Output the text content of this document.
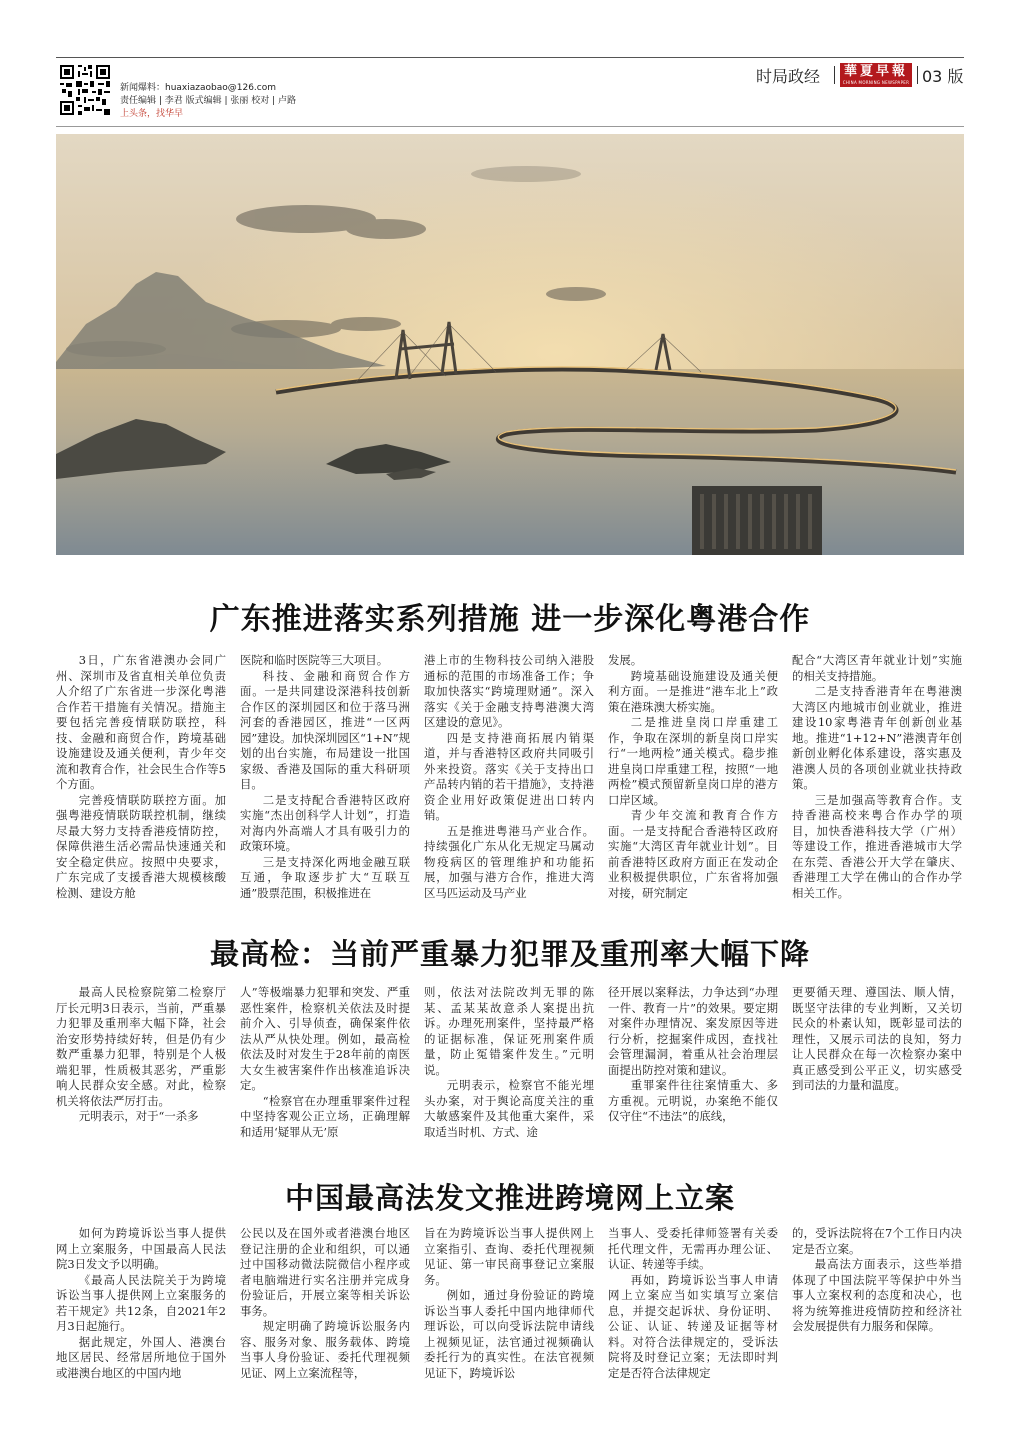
新闻爆料：huaxiazaobao@126.com
责任编辑 | 李君 版式编辑 | 张丽 校对 | 卢路
上头条，找华早
时局政经	華夏早報
CHINA MORNING NEWSPAPER 03 版
广东推进落实系列措施 进一步深化粤港合作

3日，广东省港澳办会同广州、深圳市及省直相关单位负责人介绍了广东省进一步深化粤港合作若干措施有关情况。措施主要包括完善疫情联防联控，科技、金融和商贸合作，跨境基础设施建设及通关便利，青少年交流和教育合作，社会民生合作等5个方面。

完善疫情联防联控方面。加强粤港疫情联防联控机制，继续尽最大努力支持香港疫情防控，保障供港生活必需品快速通关和安全稳定供应。按照中央要求，广东完成了支援香港大规模核酸检测、建设方舱

医院和临时医院等三大项目。

科技、金融和商贸合作方面。一是共同建设深港科技创新合作区的深圳园区和位于落马洲河套的香港园区，推进“一区两园”建设。加快深圳园区“1+N”规划的出台实施，布局建设一批国家级、香港及国际的重大科研项目。

二是支持配合香港特区政府实施“杰出创科学人计划”，打造对海内外高端人才具有吸引力的政策环境。

三是支持深化两地金融互联互通，争取逐步扩大“互联互通”股票范围，积极推进在

港上市的生物科技公司纳入港股通标的范围的市场准备工作；争取加快落实“跨境理财通”。深入落实《关于金融支持粤港澳大湾区建设的意见》。

四是支持港商拓展内销渠道，并与香港特区政府共同吸引外来投资。落实《关于支持出口产品转内销的若干措施》，支持港资企业用好政策促进出口转内销。

五是推进粤港马产业合作。持续强化广东从化无规定马属动物疫病区的管理维护和功能拓展，加强与港方合作，推进大湾区马匹运动及马产业

发展。

跨境基础设施建设及通关便利方面。一是推进“港车北上”政策在港珠澳大桥实施。

二是推进皇岗口岸重建工作，争取在深圳的新皇岗口岸实行“一地两检”通关模式。稳步推进皇岗口岸重建工程，按照“一地两检”模式预留新皇岗口岸的港方口岸区域。

青少年交流和教育合作方面。一是支持配合香港特区政府实施“大湾区青年就业计划”。目前香港特区政府方面正在发动企业积极提供职位，广东省将加强对接，研究制定

配合“大湾区青年就业计划”实施的相关支持措施。

二是支持香港青年在粤港澳大湾区内地城市创业就业，推进建设10家粤港青年创新创业基地。推进“1+12+N”港澳青年创新创业孵化体系建设，落实惠及港澳人员的各项创业就业扶持政策。

三是加强高等教育合作。支持香港高校来粤合作办学的项目，加快香港科技大学（广州）等建设工作，推进香港城市大学在东莞、香港公开大学在肇庆、香港理工大学在佛山的合作办学相关工作。

最高检：当前严重暴力犯罪及重刑率大幅下降

最高人民检察院第二检察厅厅长元明3日表示，当前，严重暴力犯罪及重刑率大幅下降，社会治安形势持续好转，但是仍有少数严重暴力犯罪，特别是个人极端犯罪，性质极其恶劣，严重影响人民群众安全感。对此，检察机关将依法严厉打击。

元明表示，对于“一杀多

人”等极端暴力犯罪和突发、严重恶性案件，检察机关依法及时提前介入、引导侦查，确保案件依法从严从快处理。例如，最高检依法及时对发生于28年前的南医大女生被害案件作出核准追诉决定。

“检察官在办理重罪案件过程中坚持客观公正立场，正确理解和适用‘疑罪从无’原

则，依法对法院改判无罪的陈某、孟某某故意杀人案提出抗诉。办理死刑案件，坚持最严格的证据标准，保证死刑案件质量，防止冤错案件发生。”元明说。

元明表示，检察官不能光埋头办案，对于舆论高度关注的重大敏感案件及其他重大案件，采取适当时机、方式、途

径开展以案释法，力争达到“办理一件、教育一片”的效果。要定期对案件办理情况、案发原因等进行分析，挖掘案件成因，查找社会管理漏洞，着重从社会治理层面提出防控对策和建议。

重罪案件往往案情重大、多方重视。元明说，办案绝不能仅仅守住“不违法”的底线，

更要循天理、遵国法、顺人情，既坚守法律的专业判断，又关切民众的朴素认知，既彰显司法的理性，又展示司法的良知，努力让人民群众在每一次检察办案中真正感受到公平正义，切实感受到司法的力量和温度。

中国最高法发文推进跨境网上立案

如何为跨境诉讼当事人提供网上立案服务，中国最高人民法院3日发文予以明确。

《最高人民法院关于为跨境诉讼当事人提供网上立案服务的若干规定》共12条，自2021年2月3日起施行。

据此规定，外国人、港澳台地区居民、经常居所地位于国外或港澳台地区的中国内地

公民以及在国外或者港澳台地区登记注册的企业和组织，可以通过中国移动微法院微信小程序或者电脑端进行实名注册并完成身份验证后，开展立案等相关诉讼事务。

规定明确了跨境诉讼服务内容、服务对象、服务载体、跨境当事人身份验证、委托代理视频见证、网上立案流程等，

旨在为跨境诉讼当事人提供网上立案指引、查询、委托代理视频见证、第一审民商事登记立案服务。

例如，通过身份验证的跨境诉讼当事人委托中国内地律师代理诉讼，可以向受诉法院申请线上视频见证，法官通过视频确认委托行为的真实性。在法官视频见证下，跨境诉讼

当事人、受委托律师签署有关委托代理文件，无需再办理公证、认证、转递等手续。

再如，跨境诉讼当事人申请网上立案应当如实填写立案信息，并提交起诉状、身份证明、公证、认证、转递及证据等材料。对符合法律规定的，受诉法院将及时登记立案；无法即时判定是否符合法律规定

的，受诉法院将在7个工作日内决定是否立案。

最高法方面表示，这些举措体现了中国法院平等保护中外当事人立案权利的态度和决心，也将为统筹推进疫情防控和经济社会发展提供有力服务和保障。
